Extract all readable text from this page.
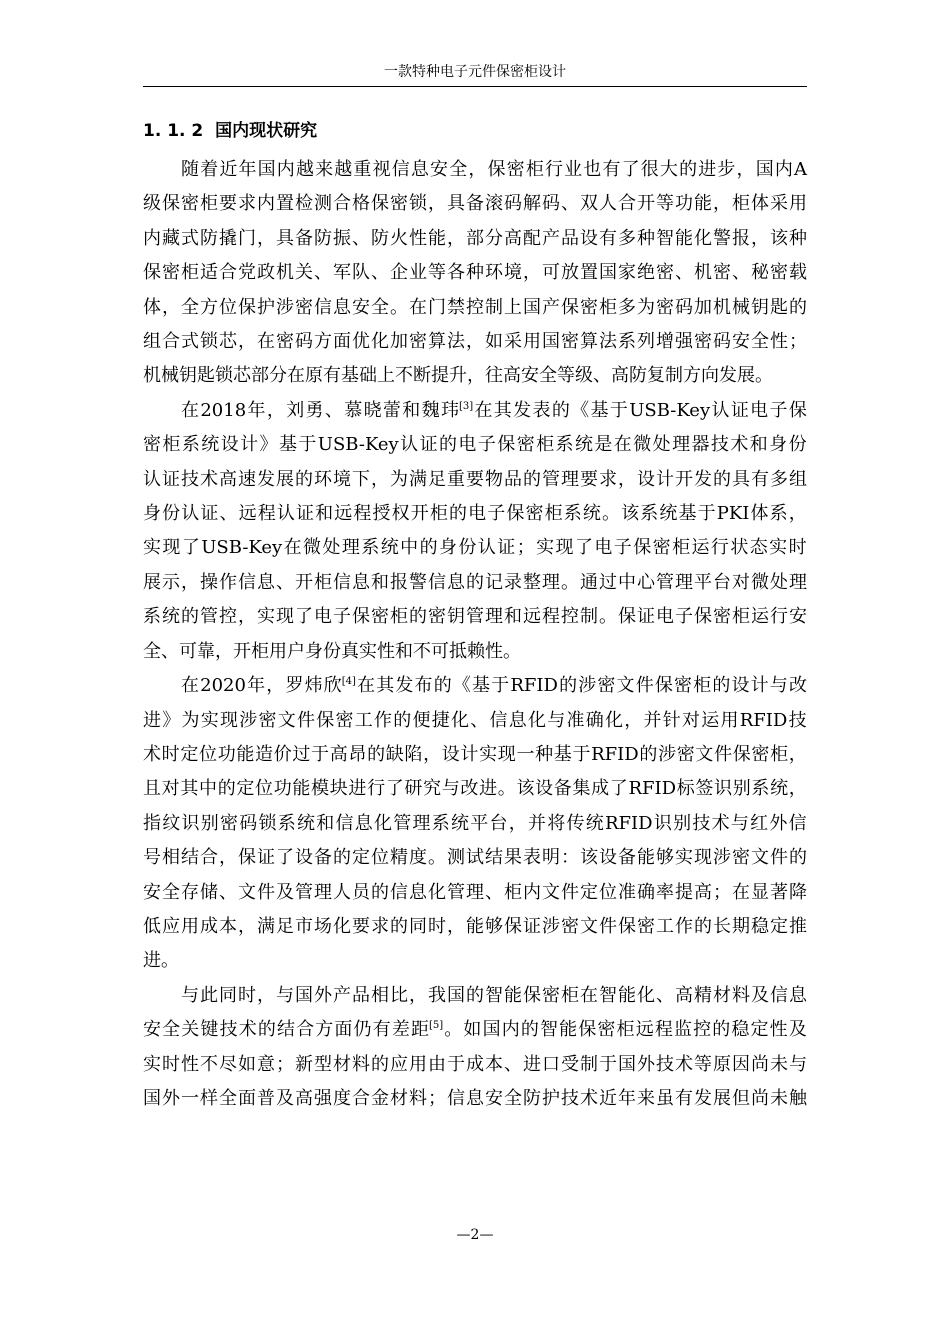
一款特种电子元件保密柜设计
1. 1. 2  国内现状研究
随 着 近 年 国 内 越 来 越 重 视 信 息 安 全 ， 保 密 柜 行 业 也 有 了 很 大 的 进 步 ， 国 内 A
级 保 密 柜 要 求 内 置 检 测 合 格 保 密 锁 ， 具 备 滚 码 解 码 、 双 人 合 开 等 功 能 ， 柜 体 采 用
内 藏 式 防 撬 门 ， 具 备 防 振 、 防 火 性 能 ， 部 分 高 配 产 品 设 有 多 种 智 能 化 警 报 ， 该 种
保 密 柜 适 合 党 政 机 关 、 军 队 、 企 业 等 各 种 环 境 ， 可 放 置 国 家 绝 密 、 机 密 、 秘 密 载
体 ， 全 方 位 保 护 涉 密 信 息 安 全 。 在 门 禁 控 制 上 国 产 保 密 柜 多 为 密 码 加 机 械 钥 匙 的
组 合 式 锁 芯 ， 在 密 码 方 面 优 化 加 密 算 法 ， 如 采 用 国 密 算 法 系 列 增 强 密 码 安 全 性 ；
机械钥匙锁芯部分在原有基础上不断提升，往高安全等级、高防复制方向发展。
在 2018 年 ， 刘 勇 、 慕 晓 蕾 和 魏 玮[3] 在 其 发 表 的 《 基 于 USB-Key 认 证 电 子 保
密 柜 系 统 设 计 》 基 于 USB-Key 认 证 的 电 子 保 密 柜 系 统 是 在 微 处 理 器 技 术 和 身 份
认 证 技 术 高 速 发 展 的 环 境 下 ， 为 满 足 重 要 物 品 的 管 理 要 求 ， 设 计 开 发 的 具 有 多 组
身 份 认 证 、 远 程 认 证 和 远 程 授 权 开 柜 的 电 子 保 密 柜 系 统 。 该 系 统 基 于 PKI 体 系 ，
实 现 了 USB-Key 在 微 处 理 系 统 中 的 身 份 认 证 ； 实 现 了 电 子 保 密 柜 运 行 状 态 实 时
展 示 ， 操 作 信 息 、 开 柜 信 息 和 报 警 信 息 的 记 录 整 理 。 通 过 中 心 管 理 平 台 对 微 处 理
系 统 的 管 控 ， 实 现 了 电 子 保 密 柜 的 密 钥 管 理 和 远 程 控 制 。 保 证 电 子 保 密 柜 运 行 安
全、可靠，开柜用户身份真实性和不可抵赖性。
在 2020 年 ， 罗 炜 欣[4] 在 其 发 布 的 《 基 于 RFID 的 涉 密 文 件 保 密 柜 的 设 计 与 改
进 》 为 实 现 涉 密 文 件 保 密 工 作 的 便 捷 化 、 信 息 化 与 准 确 化 ， 并 针 对 运 用 RFID 技
术 时 定 位 功 能 造 价 过 于 高 昂 的 缺 陷 ， 设 计 实 现 一 种 基 于 RFID 的 涉 密 文 件 保 密 柜 ，
且 对 其 中 的 定 位 功 能 模 块 进 行 了 研 究 与 改 进 。 该 设 备 集 成 了 RFID 标 签 识 别 系 统 ，
指 纹 识 别 密 码 锁 系 统 和 信 息 化 管 理 系 统 平 台 ， 并 将 传 统 RFID 识 别 技 术 与 红 外 信
号 相 结 合 ， 保 证 了 设 备 的 定 位 精 度 。 测 试 结 果 表 明 ： 该 设 备 能 够 实 现 涉 密 文 件 的
安 全 存 储 、 文 件 及 管 理 人 员 的 信 息 化 管 理 、 柜 内 文 件 定 位 准 确 率 提 高 ； 在 显 著 降
低 应 用 成 本 ， 满 足 市 场 化 要 求 的 同 时 ， 能 够 保 证 涉 密 文 件 保 密 工 作 的 长 期 稳 定 推
进。
与 此 同 时 ， 与 国 外 产 品 相 比 ， 我 国 的 智 能 保 密 柜 在 智 能 化 、 高 精 材 料 及 信 息
安 全 关 键 技 术 的 结 合 方 面 仍 有 差 距[5] 。 如 国 内 的 智 能 保 密 柜 远 程 监 控 的 稳 定 性 及
实 时 性 不 尽 如 意 ； 新 型 材 料 的 应 用 由 于 成 本 、 进 口 受 制 于 国 外 技 术 等 原 因 尚 未 与
国 外 一 样 全 面 普 及 高 强 度 合 金 材 料 ； 信 息 安 全 防 护 技 术 近 年 来 虽 有 发 展 但 尚 未 触
—2—
